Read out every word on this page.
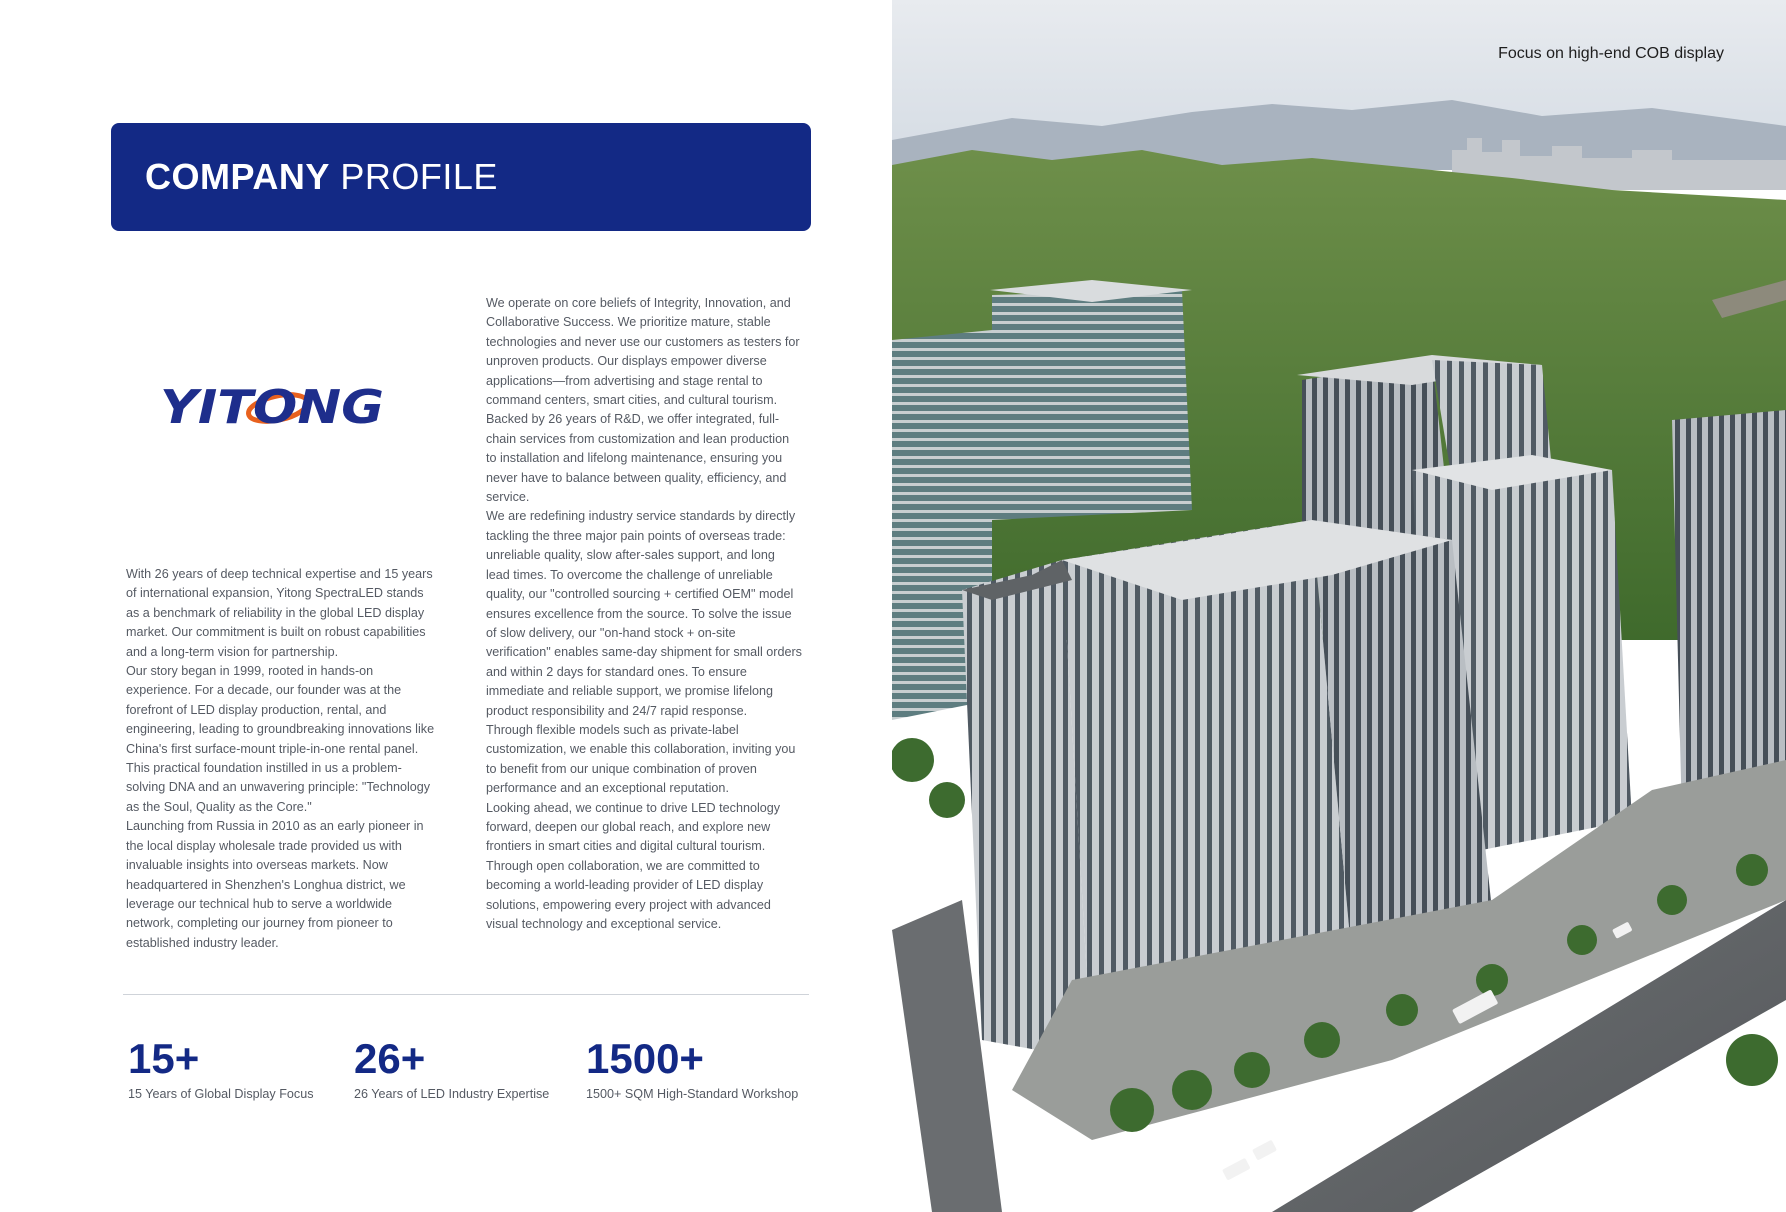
COMPANY PROFILE
YITONG

With 26 years of deep technical expertise and 15 years of international expansion, Yitong SpectraLED stands as a benchmark of reliability in the global LED display market. Our commitment is built on robust capabilities and a long-term vision for partnership.

Our story began in 1999, rooted in hands-on experience. For a decade, our founder was at the forefront of LED display production, rental, and engineering, leading to groundbreaking innovations like China's first surface-mount triple-in-one rental panel. This practical foundation instilled in us a problem-solving DNA and an unwavering principle: "Technology as the Soul, Quality as the Core."

Launching from Russia in 2010 as an early pioneer in the local display wholesale trade provided us with invaluable insights into overseas markets. Now headquartered in Shenzhen's Longhua district, we leverage our technical hub to serve a worldwide network, completing our journey from pioneer to established industry leader.

We operate on core beliefs of Integrity, Innovation, and Collaborative Success. We prioritize mature, stable technologies and never use our customers as testers for unproven products. Our displays empower diverse applications—from advertising and stage rental to command centers, smart cities, and cultural tourism.

Backed by 26 years of R&D, we offer integrated, full-chain services from customization and lean production to installation and lifelong maintenance, ensuring you never have to balance between quality, efficiency, and service.

We are redefining industry service standards by directly tackling the three major pain points of overseas trade: unreliable quality, slow after-sales support, and long lead times. To overcome the challenge of unreliable quality, our "controlled sourcing + certified OEM" model ensures excellence from the source. To solve the issue of slow delivery, our "on-hand stock + on-site verification" enables same-day shipment for small orders and within 2 days for standard ones. To ensure immediate and reliable support, we promise lifelong product responsibility and 24/7 rapid response.

Through flexible models such as private-label customization, we enable this collaboration, inviting you to benefit from our unique combination of proven performance and an exceptional reputation.

Looking ahead, we continue to drive LED technology forward, deepen our global reach, and explore new frontiers in smart cities and digital cultural tourism. Through open collaboration, we are committed to becoming a world-leading provider of LED display solutions, empowering every project with advanced visual technology and exceptional service.

15+
15 Years of Global Display Focus
26+
26 Years of LED Industry Expertise
1500+
1500+ SQM High-Standard Workshop
Focus on high-end COB display
03 / 04
